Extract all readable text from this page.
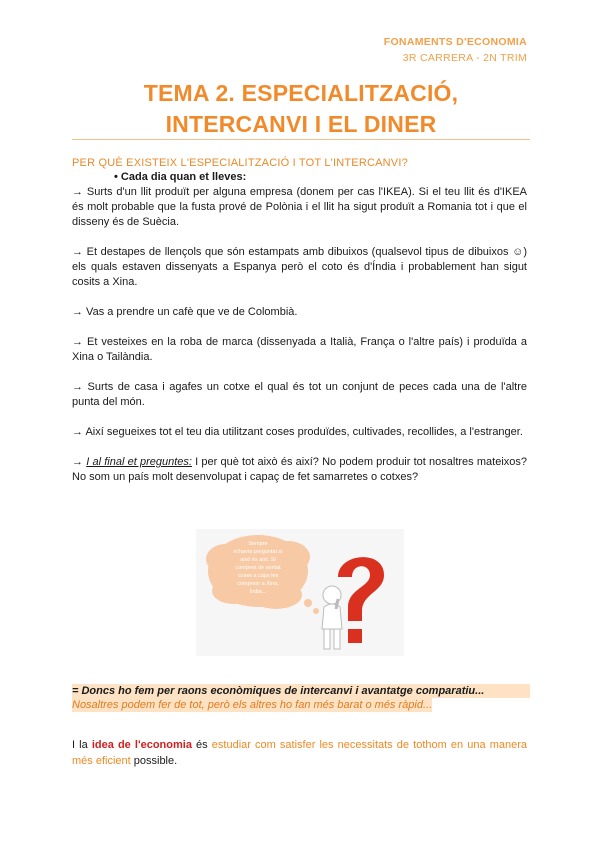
FONAMENTS D'ECONOMIA
3R CARRERA - 2N TRIM
TEMA 2. ESPECIALITZACIÓ,
INTERCANVI I EL DINER
PER QUÈ EXISTEIX L'ESPECIALITZACIÓ I TOT L'INTERCANVI?

• Cada dia quan et lleves:

→ Surts d'un llit produït per alguna empresa (donem per cas l'IKEA). Si el teu llit és d'IKEA és molt probable que la fusta prové de Polònia i el llit ha sigut produït a Romania tot i que el disseny és de Suècia.

→ Et destapes de llençols que són estampats amb dibuixos (qualsevol tipus de dibuixos ☺) els quals estaven dissenyats a Espanya però el coto és d'Índia i probablement han sigut cosits a Xina.

→ Vas a prendre un cafè que ve de Colombià.

→ Et vesteixes en la roba de marca (dissenyada a Italià, França o l'altre país) i produïda a Xina o Tailàndia.

→ Surts de casa i agafes un cotxe el qual és tot un conjunt de peces cada una de l'altre punta del món.

→ Així segueixes tot el teu dia utilitzant coses produïdes, cultivades, recollides, a l'estranger.

→ I al final et preguntes: I per què tot això és així? No podem produir tot nosaltres mateixos? No som un país molt desenvolupat i capaç de fet samarretes o cotxes?

Sempre
m'havia preguntat si
això és així. Si
compres de veritat
coses a caps les
comprem a Xina,
Índia...
= Doncs ho fem per raons econòmiques de intercanvi i avantatge comparatiu...
Nosaltres podem fer de tot, però els altres ho fan més barat o més ràpid...

I la idea de l'economia és estudiar com satisfer les necessitats de tothom en una manera més eficient possible.
